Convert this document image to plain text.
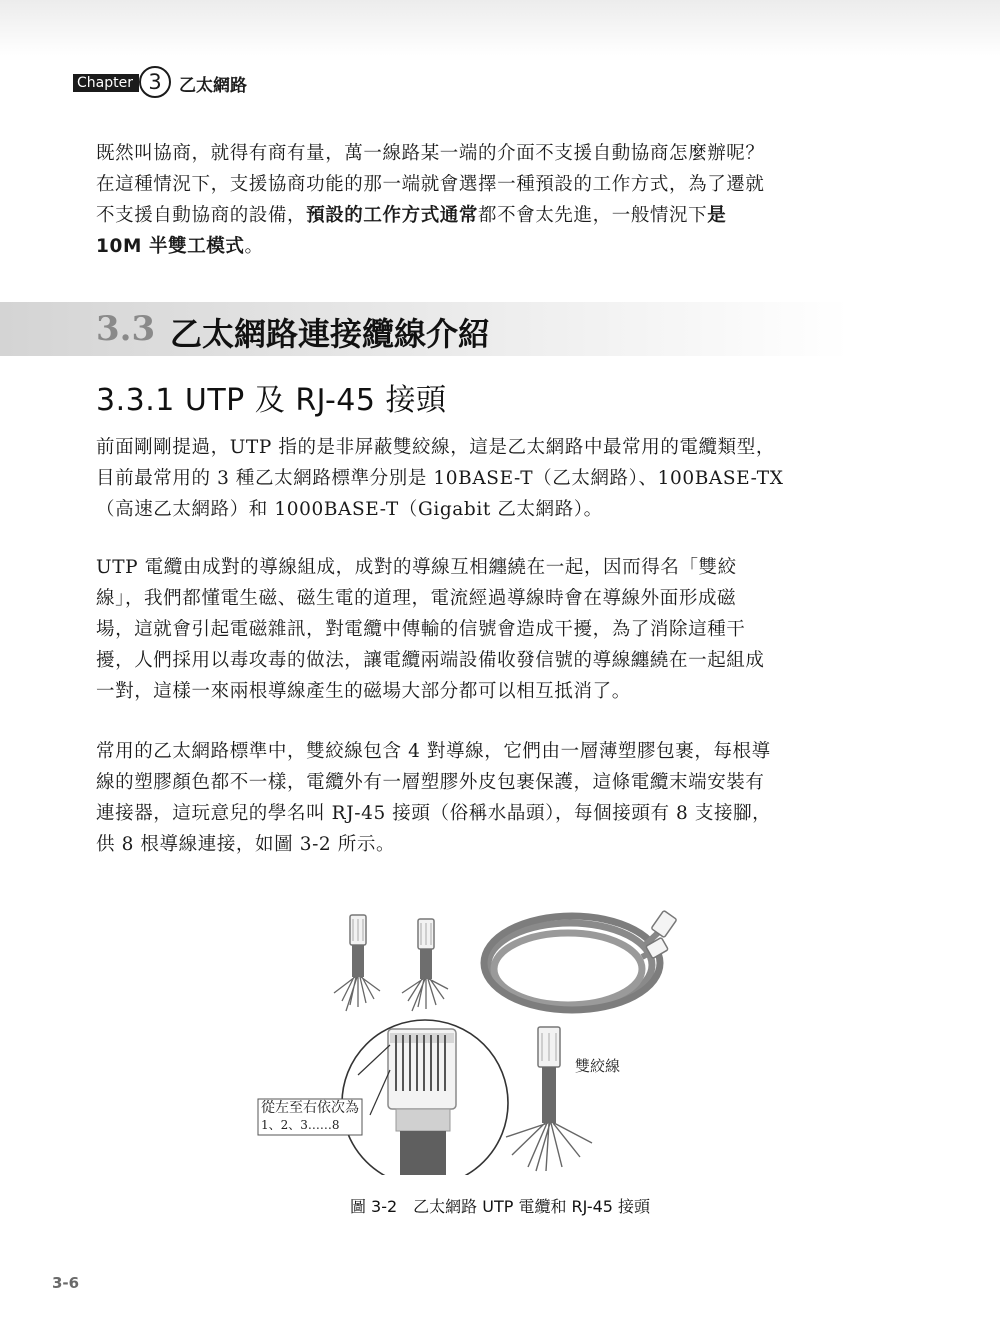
Chapter 3	乙太網路

既然叫協商，就得有商有量，萬一線路某一端的介面不支援自動協商怎麼辦呢？
在這種情況下，支援協商功能的那一端就會選擇一種預設的工作方式，為了遷就
不支援自動協商的設備，預設的工作方式通常都不會太先進，一般情況下是
10M 半雙工模式。

3.3 乙太網路連接纜線介紹
3.3.1 UTP 及 RJ-45 接頭

前面剛剛提過，UTP 指的是非屏蔽雙絞線，這是乙太網路中最常用的電纜類型，
目前最常用的 3 種乙太網路標準分別是 10BASE-T（乙太網路）、100BASE-TX
（高速乙太網路）和 1000BASE-T（Gigabit 乙太網路）。

UTP 電纜由成對的導線組成，成對的導線互相纏繞在一起，因而得名「雙絞
線」，我們都懂電生磁、磁生電的道理，電流經過導線時會在導線外面形成磁
場，這就會引起電磁雜訊，對電纜中傳輸的信號會造成干擾，為了消除這種干
擾，人們採用以毒攻毒的做法，讓電纜兩端設備收發信號的導線纏繞在一起組成
一對，這樣一來兩根導線產生的磁場大部分都可以相互抵消了。

常用的乙太網路標準中，雙絞線包含 4 對導線，它們由一層薄塑膠包裹，每根導
線的塑膠顏色都不一樣，電纜外有一層塑膠外皮包裹保護，這條電纜末端安裝有
連接器，這玩意兒的學名叫 RJ-45 接頭（俗稱水晶頭），每個接頭有 8 支接腳，
供 8 根導線連接，如圖 3-2 所示。

雙絞線
從左至右依次為
1、2、3……8
圖 3-2　乙太網路 UTP 電纜和 RJ-45 接頭
3-6
